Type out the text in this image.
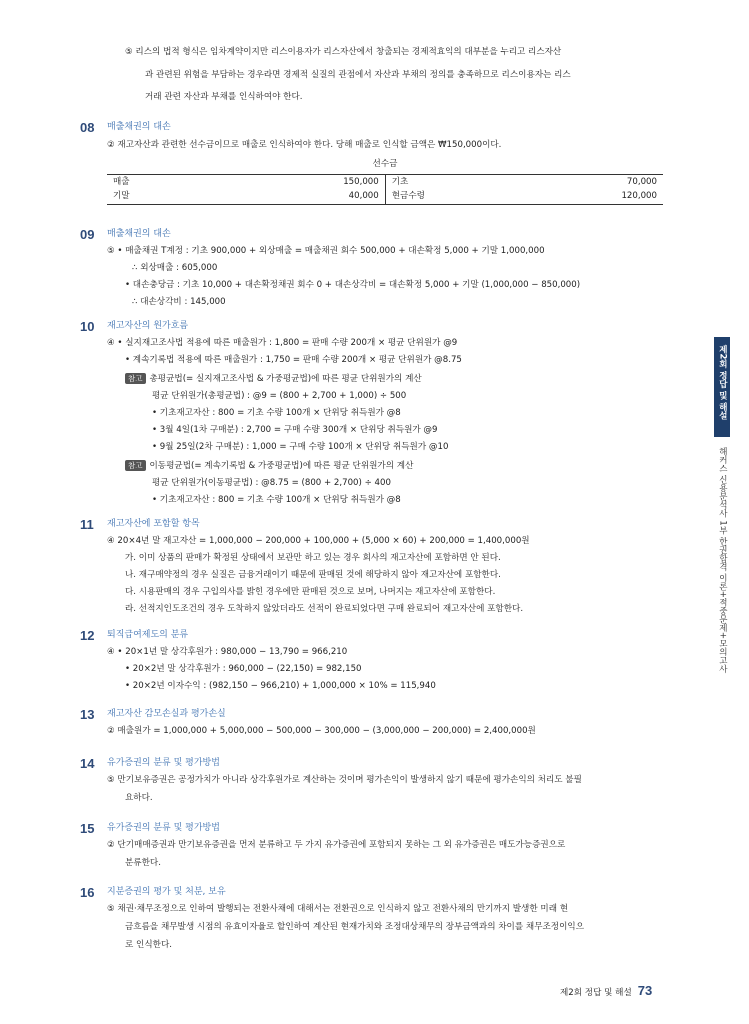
⑤ 리스의 법적 형식은 임차계약이지만 리스이용자가 리스자산에서 창출되는 경제적효익의 대부분을 누리고 리스자산
과 관련된 위험을 부담하는 경우라면 경제적 실질의 관점에서 자산과 부채의 정의를 충족하므로 리스이용자는 리스
거래 관련 자산과 부채를 인식하여야 한다.
08 매출채권의 대손
② 재고자산과 관련한 선수금이므로 매출로 인식하여야 한다. 당해 매출로 인식할 금액은 ₩150,000이다.
선수금
매출	150,000	기초	70,000
기말	40,000	현금수령	120,000
09 매출채권의 대손
⑤ • 매출채권 T계정 : 기초 900,000 + 외상매출 = 매출채권 회수 500,000 + 대손확정 5,000 + 기말 1,000,000
∴ 외상매출 : 605,000
• 대손충당금 : 기초 10,000 + 대손확정채권 회수 0 + 대손상각비 = 대손확정 5,000 + 기말 (1,000,000 − 850,000)
∴ 대손상각비 : 145,000
10 재고자산의 원가흐름
④ • 실지재고조사법 적용에 따른 매출원가 : 1,800 = 판매 수량 200개 × 평균 단위원가 @9
• 계속기록법 적용에 따른 매출원가 : 1,750 = 판매 수량 200개 × 평균 단위원가 @8.75
참고 총평균법(= 실지재고조사법 & 가중평균법)에 따른 평균 단위원가의 계산
평균 단위원가(총평균법) : @9 = (800 + 2,700 + 1,000) ÷ 500
• 기초재고자산 : 800 = 기초 수량 100개 × 단위당 취득원가 @8
• 3월 4일(1차 구매분) : 2,700 = 구매 수량 300개 × 단위당 취득원가 @9
• 9월 25일(2차 구매분) : 1,000 = 구매 수량 100개 × 단위당 취득원가 @10
참고 이동평균법(= 계속기록법 & 가중평균법)에 따른 평균 단위원가의 계산
평균 단위원가(이동평균법) : @8.75 = (800 + 2,700) ÷ 400
• 기초재고자산 : 800 = 기초 수량 100개 × 단위당 취득원가 @8
11 재고자산에 포함할 항목
④ 20×4년 말 재고자산 = 1,000,000 − 200,000 + 100,000 + (5,000 × 60) + 200,000 = 1,400,000원
가. 이미 상품의 판매가 확정된 상태에서 보관만 하고 있는 경우 회사의 재고자산에 포함하면 안 된다.
나. 재구매약정의 경우 실질은 금융거래이기 때문에 판매된 것에 해당하지 않아 재고자산에 포함한다.
다. 시용판매의 경우 구입의사를 밝힌 경우에만 판매된 것으로 보며, 나머지는 재고자산에 포함한다.
라. 선적지인도조건의 경우 도착하지 않았더라도 선적이 완료되었다면 구매 완료되어 재고자산에 포함한다.
12 퇴직급여제도의 분류
④ • 20×1년 말 상각후원가 : 980,000 − 13,790 = 966,210
• 20×2년 말 상각후원가 : 960,000 − (22,150) = 982,150
• 20×2년 이자수익 : (982,150 − 966,210) + 1,000,000 × 10% = 115,940
13 재고자산 감모손실과 평가손실
② 매출원가 = 1,000,000 + 5,000,000 − 500,000 − 300,000 − (3,000,000 − 200,000) = 2,400,000원
14 유가증권의 분류 및 평가방법
⑤ 만기보유증권은 공정가치가 아니라 상각후원가로 계산하는 것이며 평가손익이 발생하지 않기 때문에 평가손익의 처리도 불필
요하다.
15 유가증권의 분류 및 평가방법
② 단기매매증권과 만기보유증권을 먼저 분류하고 두 가지 유가증권에 포함되지 못하는 그 외 유가증권은 매도가능증권으로
분류한다.
16 지분증권의 평가 및 처분, 보유
⑤ 채권·채무조정으로 인하여 발행되는 전환사채에 대해서는 전환권으로 인식하지 않고 전환사채의 만기까지 발생한 미래 현
금흐름을 채무발생 시점의 유효이자율로 할인하여 계산된 현재가치와 조정대상채무의 장부금액과의 차이를 채무조정이익으
로 인식한다.
제2회 정답 및 해설
해커스 신용분석사 1부 한권합격 이론+적중문제+모의고사
제2회 정답 및 해설 73
